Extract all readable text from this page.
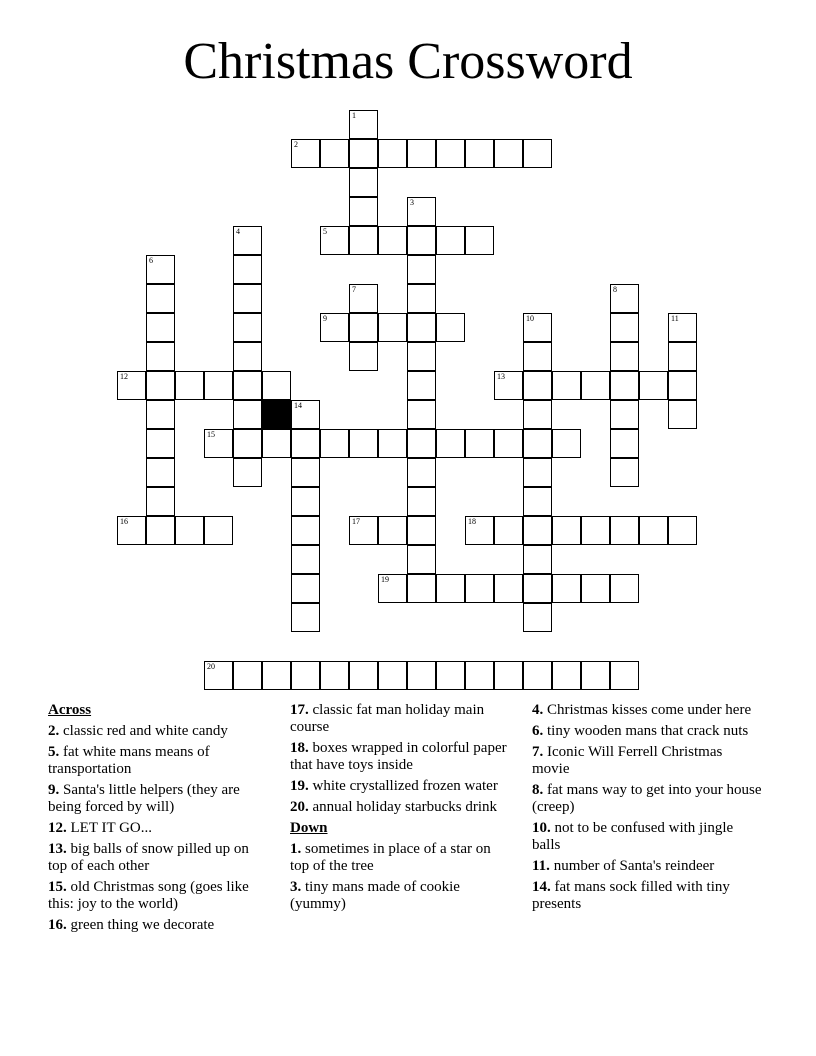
Christmas Crossword
1
2
3
4	5
6
7	8
9	10	11
12	13
14
15
16	17	18
19
20
Across
2. classic red and white candy
5. fat white mans means of transportation
9. Santa's little helpers (they are being forced by will)
12. LET IT GO...
13. big balls of snow pilled up on top of each other
15. old Christmas song (goes like this: joy to the world)
16. green thing we decorate
17. classic fat man holiday main course
18. boxes wrapped in colorful paper that have toys inside
19. white crystallized frozen water
20. annual holiday starbucks drink
Down
1. sometimes in place of a star on top of the tree
3. tiny mans made of cookie (yummy)
4. Christmas kisses come under here
6. tiny wooden mans that crack nuts
7. Iconic Will Ferrell Christmas movie
8. fat mans way to get into your house (creep)
10. not to be confused with jingle balls
11. number of Santa's reindeer
14. fat mans sock filled with tiny presents
